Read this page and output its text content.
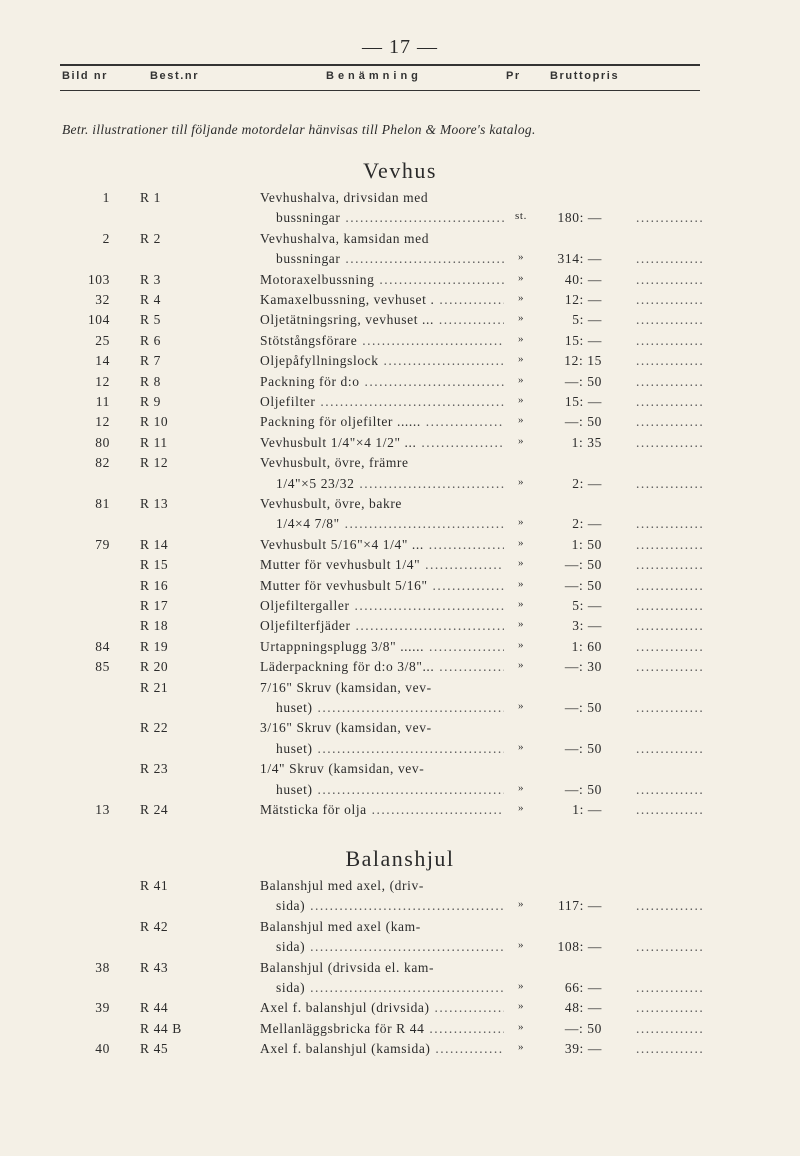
— 17 —
Bild nr	Best.nr	Benämning	Pr	Bruttopris
Betr. illustrationer till följande motordelar hänvisas till Phelon & Moore's katalog.
Vevhus
1 R 1	Vevhushalva, drivsidan med
bussningar .....	st.	180: —	..............
2 R 2	Vevhushalva, kamsidan med
bussningar .....	»	314: —	..............
103 R 3	Motoraxelbussning .....	»	40: —	..............
32 R 4	Kamaxelbussning, vevhuset . .....	»	12: —	..............
104 R 5	Oljetätningsring, vevhuset ... .....	»	5: —	..............
25 R 6	Stötstångsförare .....	»	15: —	..............
14 R 7	Oljepåfyllningslock .....	»	12: 15	..............
12 R 8	Packning för d:o .....	»	—: 50	..............
11 R 9	Oljefilter .....	»	15: —	..............
12 R 10	Packning för oljefilter ...... .....	»	—: 50	..............
80 R 11	Vevhusbult 1/4"×4 1/2" ... .....	»	1: 35	..............
82 R 12	Vevhusbult, övre, främre
1/4"×5 23/32 .....	»	2: —	..............
81 R 13	Vevhusbult, övre, bakre
1/4×4 7/8" .....	»	2: —	..............
79 R 14	Vevhusbult 5/16"×4 1/4" ... .....	»	1: 50	..............
R 15	Mutter för vevhusbult 1/4" .....	»	—: 50	..............
R 16	Mutter för vevhusbult 5/16" .....	»	—: 50	..............
R 17	Oljefiltergaller .....	»	5: —	..............
R 18	Oljefilterfjäder .....	»	3: —	..............
84 R 19	Urtappningsplugg 3/8" ...... .....	»	1: 60	..............
85 R 20	Läderpackning för d:o 3/8"... .....	»	—: 30	..............
R 21	7/16" Skruv (kamsidan, vev-
huset) .....	»	—: 50	..............
R 22	3/16" Skruv (kamsidan, vev-
huset) .....	»	—: 50	..............
R 23	1/4" Skruv (kamsidan, vev-
huset) .....	»	—: 50	..............
13 R 24	Mätsticka för olja .....	»	1: —	..............
Balanshjul
R 41	Balanshjul med axel, (driv-
sida) .....	»	117: —	..............
R 42	Balanshjul med axel (kam-
sida) .....	»	108: —	..............
38 R 43	Balanshjul (drivsida el. kam-
sida) .....	»	66: —	..............
39 R 44	Axel f. balanshjul (drivsida) .....	»	48: —	..............
R 44 B	Mellanläggsbricka för R 44 .....	»	—: 50	..............
40 R 45	Axel f. balanshjul (kamsida) .....	»	39: —	..............
